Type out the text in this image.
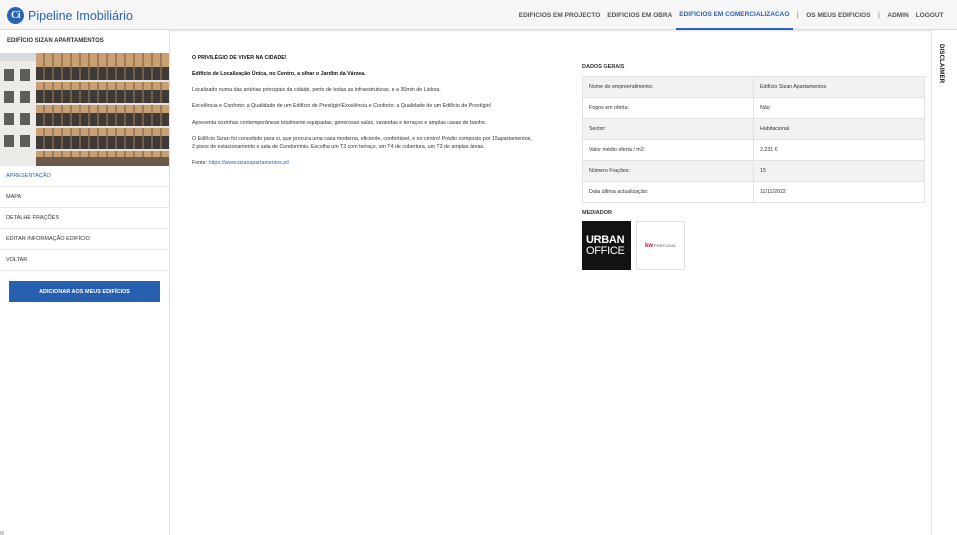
Ci Pipeline Imobiliário	EDIFICIOS EM PROJECTO	EDIFICIOS EM OBRA	EDIFICIOS EM COMERCIALIZACAO	|	OS MEUS EDIFICIOS	|	ADMIN	LOGOUT
EDIFÍCIO SIZAN APARTAMENTOS
APRESENTAÇÃO
MAPA
DETALHE FRAÇÕES
EDITAR INFORMAÇÃO EDIFÍCIO
VOLTAR
ADICIONAR AOS MEUS EDIFÍCIOS

O PRIVILÉGIO DE VIVER NA CIDADE!

Edifício de Localização Única, no Centro, a olhar o Jardim da Várzea.

Localizado numa das artérias principais da cidade, perto de todas as infraestruturas, e a 30min de Lisboa.

Excelência e Conforto: a Qualidade de um Edifício de Prestígio!Excelência e Conforto: a Qualidade de um Edifício de Prestígio!

Apresenta cozinhas contemporâneas totalmente equipadas, generosas salas, varandas e terraços e amplas casas de banho.

O Edifício Sizan foi concebido para si, que procura uma casa moderna, eficiente, confortável, e no centro! Prédio composto por 15apartamentos, 2 pisos de estacionamento e sala de Condomínio. Escolha um T2 com terraço, um T4 de cobertura, um T3 de amplas áreas.

Fonte: https://www.sizanapartamentos.pt/

DADOS GERAIS
Nome do empreendimento:	Edifício Sizan Apartamentos
Fogos em oferta:	Não
Sector:	Habitacional
Valor médio oferta / m2:	2.231 €
Número Frações:	15
Data última actualização:	11/11/2022
MEDIADOR
URBAN
OFFICE	kw PORTUGAL
DISCLAIMER
